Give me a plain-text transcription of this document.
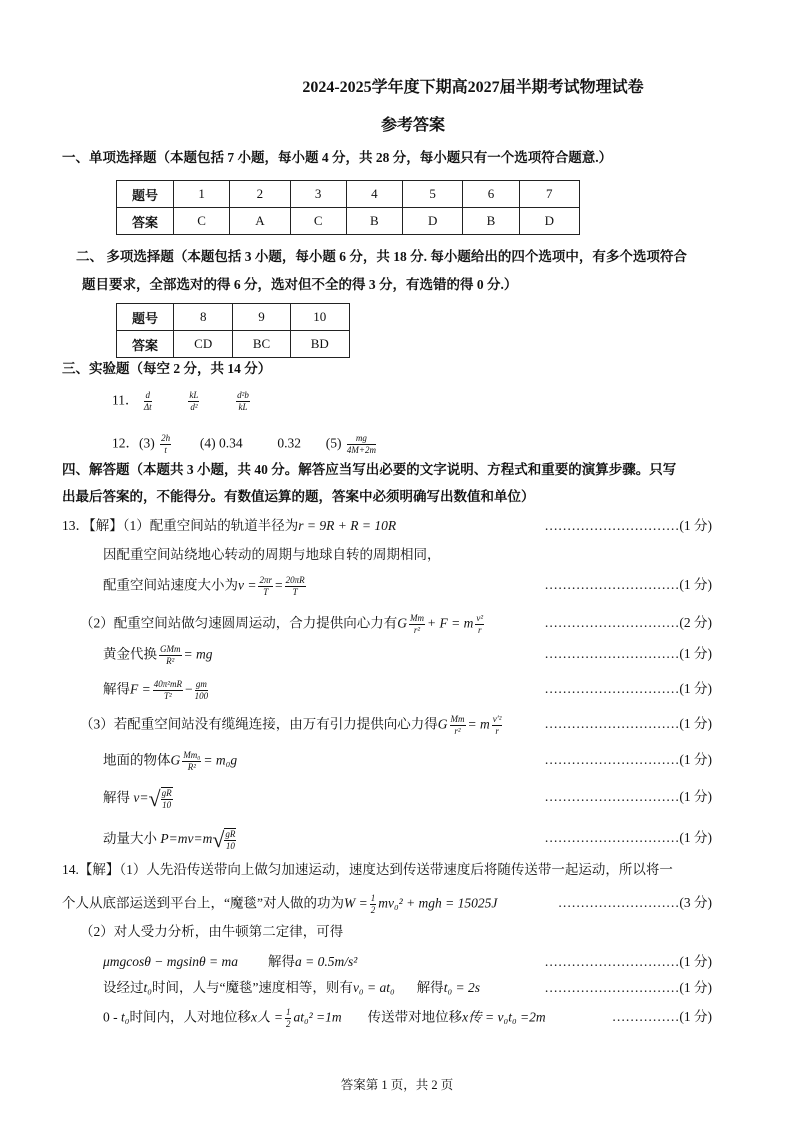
2024-2025学年度下期高2027届半期考试物理试卷
参考答案
一、单项选择题（本题包括 7 小题，每小题 4 分，共 28 分，每小题只有一个选项符合题意.）
题号	1	2	3	4	5	6	7
答案	C	A	C	B	D	B	D
二、 多项选择题（本题包括 3 小题，每小题 6 分，共 18 分. 每小题给出的四个选项中，有多个选项符合
题目要求，全部选对的得 6 分，选对但不全的得 3 分，有选错的得 0 分.）
题号	8	9	10
答案	CD	BC	BD
三、实验题（每空 2 分，共 14 分）
11． $\frac{d}{\Delta t}$
	$\frac{kL}{\text{d²}}$
	$\frac{\text{d²b}}{kL}$
12．$(3) \frac{2h}{t} (4)$ 0.34	0.32 $(5) \frac{mg}{4M+2m}$
四、解答题（本题共 3 小题，共 40 分。解答应当写出必要的文字说明、方程式和重要的演算步骤。只写
出最后答案的，不能得分。有数值运算的题，答案中必须明确写出数值和单位）
13．【解】（1）配重空间站的轨道半径为r = 9R + R = 10R	…………………………(1 分)
因配重空间站绕地心转动的周期与地球自转的周期相同，
配重空间站速度大小为$v = \frac{2\pi r}{T} = \frac{20\pi R}{T}$	…………………………(1 分)
（2）配重空间站做匀速圆周运动，合力提供向心力有G $\frac{Mm}{\text{r²}} + F = m \frac{\text{v²}}{r}$	…………………………(2 分)
黄金代换 $\frac{\text{GMm}}{\text{R²}}$ = mg	…………………………(1 分)
解得$F = \frac{\text{40π²mR}}{\text{T²}} - \frac{gm}{100}$	…………………………(1 分)
（3）若配重空间站没有缆绳连接，由万有引力提供向心力得G $\frac{Mm}{\text{r²}} = m \frac{\text{v′²}}{r}$	…………………………(1 分)
地面的物体G $\frac{\text{Mm₀}}{\text{R²}} = m_0g$	…………………………(1 分)
解得 v= √ $\frac{gR}{10}$	…………………………(1 分)
动量大小 P=mv=m √ $\frac{gR}{10}$	…………………………(1 分)
14.【解】（1）人先沿传送带向上做匀加速运动，速度达到传送带速度后将随传送带一起运动，所以将一
个人从底部运送到平台上，“魔毯”对人做的功为$W = \frac{1}{2} mv_0^2$ + mgh = 15025J	………………………(3 分)
（2）对人受力分析，由牛顿第二定律，可得
μmgcosθ − mgsinθ = ma 解得a = 0.5m/s²	…………………………(1 分)
设经过t₀时间，人与“魔毯”速度相等，则有v₀ = at₀ 解得t₀ = 2s	…………………………(1 分)
0 - t₀时间内，人对地位移x人 = $\frac{1}{2} at_0^2 =1m$ 传送带对地位移x传 = v₀t₀ =2m	……………(1 分)
答案第 1 页，共 2 页
